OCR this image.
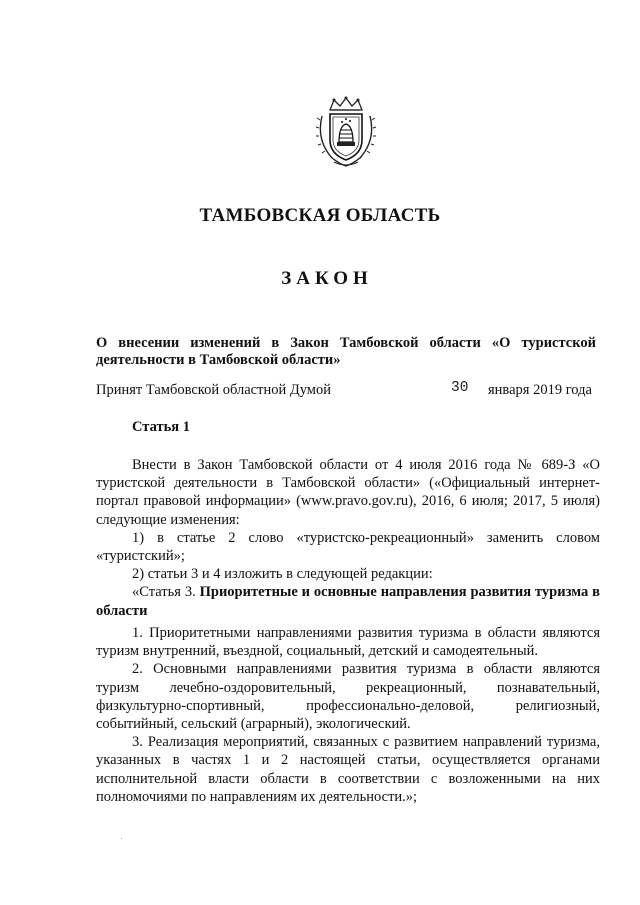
ТАМБОВСКАЯ ОБЛАСТЬ
ЗАКОН
О внесении изменений в Закон Тамбовской области «О туристской деятельности в Тамбовской области»
Принят Тамбовской областной Думой	30 января 2019 года
Статья 1

Внести в Закон Тамбовской области от 4 июля 2016 года № 689-З «О туристской деятельности в Тамбовской области» («Официальный интернет-портал правовой информации» (www.pravo.gov.ru), 2016, 6 июля; 2017, 5 июля) следующие изменения:

1) в статье 2 слово «туристско-рекреационный» заменить словом «туристский»;

2) статьи 3 и 4 изложить в следующей редакции:

«Статья 3. Приоритетные и основные направления развития туризма в области

1. Приоритетными направлениями развития туризма в области являются туризм внутренний, въездной, социальный, детский и самодеятельный.

2. Основными направлениями развития туризма в области являются туризм лечебно-оздоровительный, рекреационный, познавательный, физкультурно-спортивный, профессионально-деловой, религиозный, событийный, сельский (аграрный), экологический.

3. Реализация мероприятий, связанных с развитием направлений туризма, указанных в частях 1 и 2 настоящей статьи, осуществляется органами исполнительной власти области в соответствии с возложенными на них полномочиями по направлениям их деятельности.»;
